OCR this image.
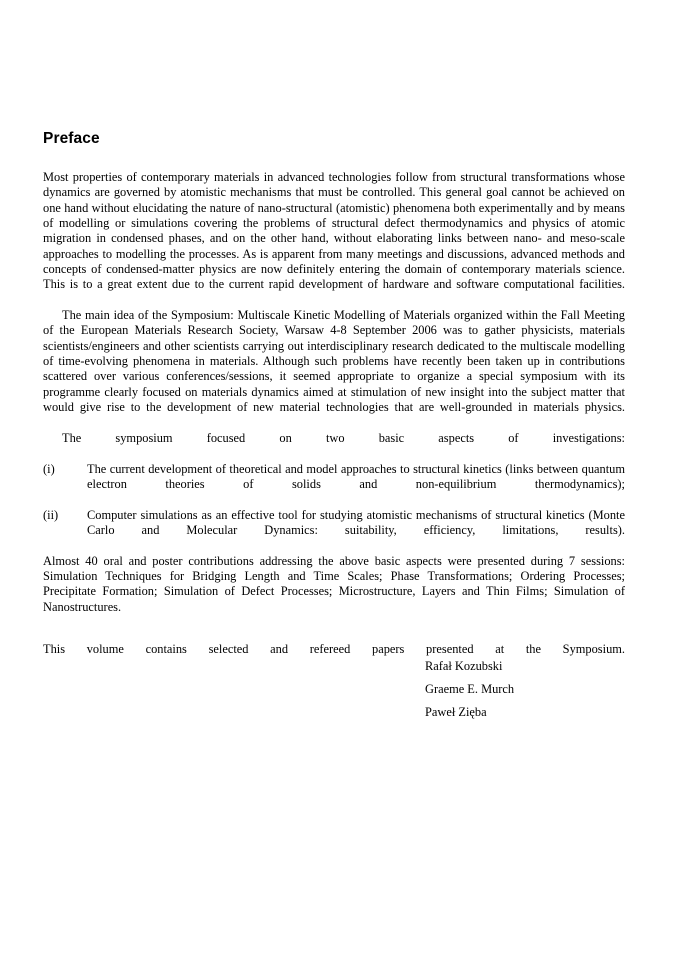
Preface

Most properties of contemporary materials in advanced technologies follow from structural transformations whose dynamics are governed by atomistic mechanisms that must be controlled. This general goal cannot be achieved on one hand without elucidating the nature of nano-structural (atomistic) phenomena both experimentally and by means of modelling or simulations covering the problems of structural defect thermodynamics and physics of atomic migration in condensed phases, and on the other hand, without elaborating links between nano- and meso-scale approaches to modelling the processes. As is apparent from many meetings and discussions, advanced methods and concepts of condensed-matter physics are now definitely entering the domain of contemporary materials science. This is to a great extent due to the current rapid development of hardware and software computational facilities.

The main idea of the Symposium: Multiscale Kinetic Modelling of Materials organized within the Fall Meeting of the European Materials Research Society, Warsaw 4-8 September 2006 was to gather physicists, materials scientists/engineers and other scientists carrying out interdisciplinary research dedicated to the multiscale modelling of time-evolving phenomena in materials. Although such problems have recently been taken up in contributions scattered over various conferences/sessions, it seemed appropriate to organize a special symposium with its programme clearly focused on materials dynamics aimed at stimulation of new insight into the subject matter that would give rise to the development of new material technologies that are well-grounded in materials physics.

The symposium focused on two basic aspects of investigations:

(i)	The current development of theoretical and model approaches to structural kinetics (links between quantum electron theories of solids and non-equilibrium thermodynamics);
(ii) Computer simulations as an effective tool for studying atomistic mechanisms of structural kinetics (Monte Carlo and Molecular Dynamics: suitability, efficiency, limitations, results).

Almost 40 oral and poster contributions addressing the above basic aspects were presented during 7 sessions: Simulation Techniques for Bridging Length and Time Scales; Phase Transformations; Ordering Processes; Precipitate Formation; Simulation of Defect Processes; Microstructure, Layers and Thin Films; Simulation of Nanostructures.

This volume contains selected and refereed papers presented at the Symposium.

Rafał Kozubski
Graeme E. Murch
Paweł Zięba
